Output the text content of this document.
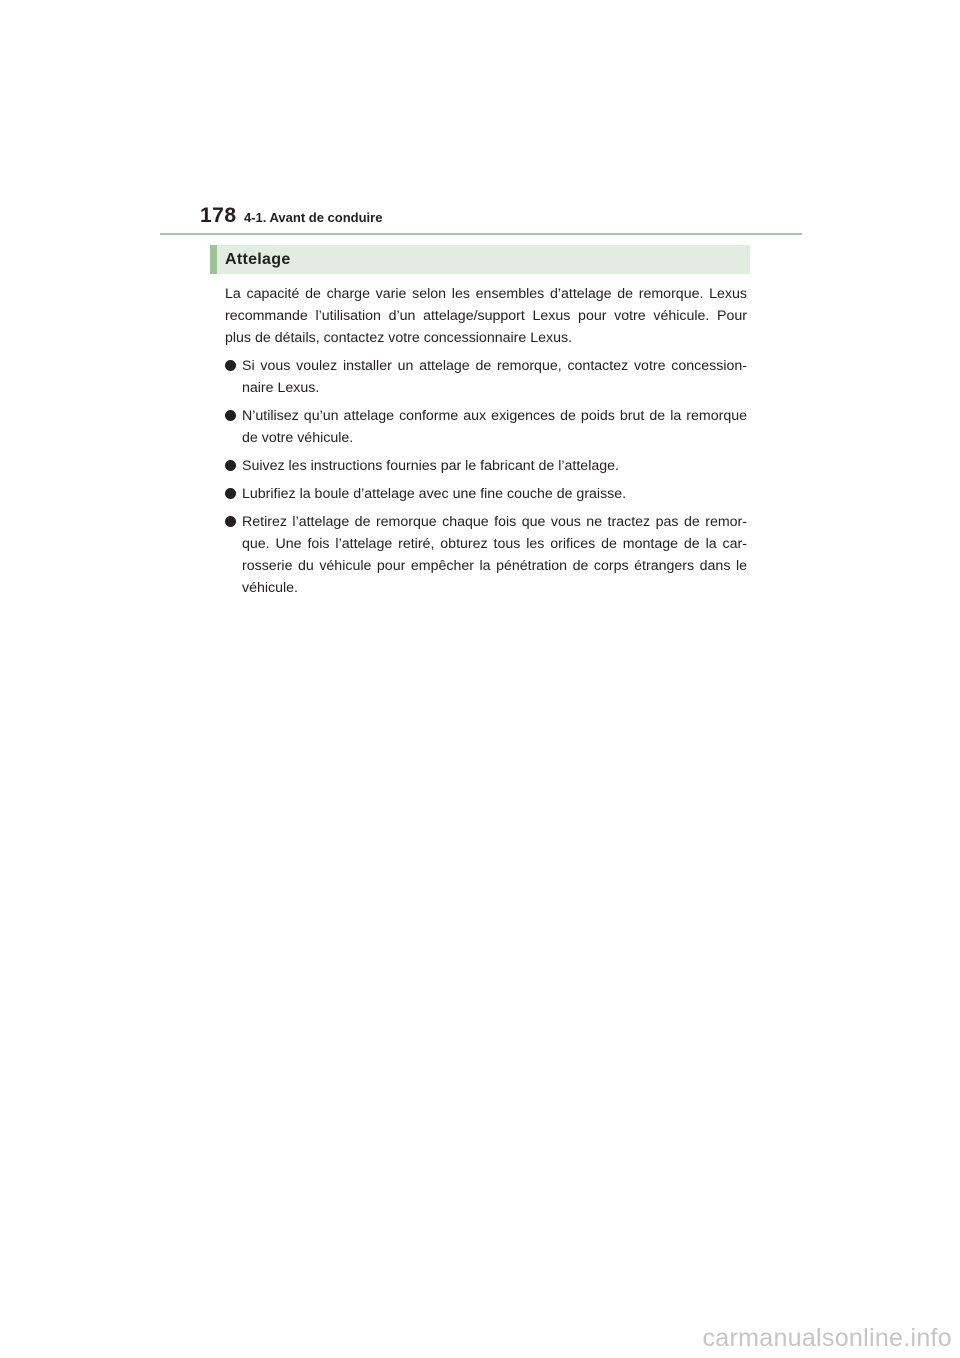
178 4-1. Avant de conduire
Attelage

La capacité de charge varie selon les ensembles d’attelage de remorque. Lexus recommande l’utilisation d’un attelage/support Lexus pour votre véhicule. Pour plus de détails, contactez votre concessionnaire Lexus.

Si vous voulez installer un attelage de remorque, contactez votre concessionnaire Lexus.
N’utilisez qu’un attelage conforme aux exigences de poids brut de la remorque de votre véhicule.
Suivez les instructions fournies par le fabricant de l’attelage.
Lubrifiez la boule d’attelage avec une fine couche de graisse.
Retirez l’attelage de remorque chaque fois que vous ne tractez pas de remorque. Une fois l’attelage retiré, obturez tous les orifices de montage de la carrosserie du véhicule pour empêcher la pénétration de corps étrangers dans le véhicule.
carmanualsonline.info
